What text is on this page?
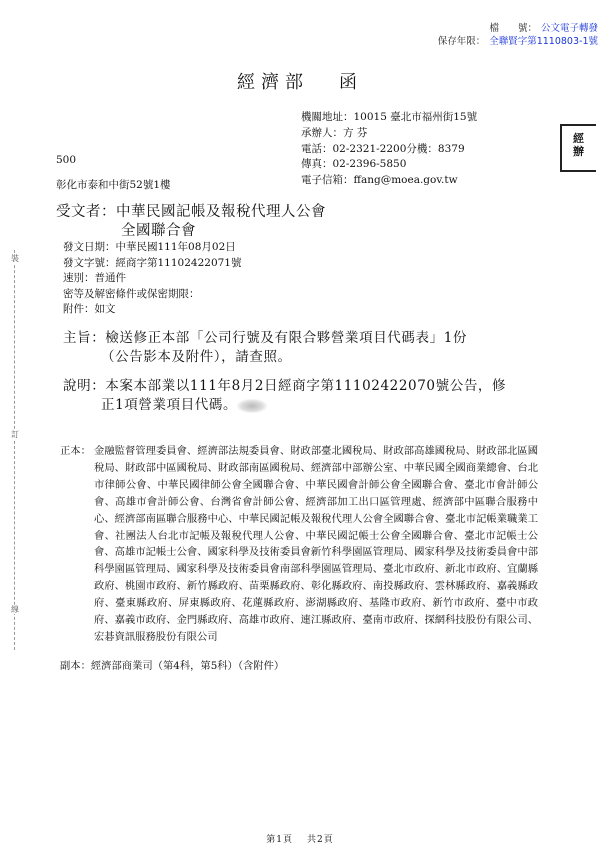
檔　　號： 公文電子轉發
保存年限： 全聯賢字第1110803-1號
經濟部 函
機關地址：10015 臺北市福州街15號
承辦人：方 芬
電話：02-2321-2200分機：8379
傳真：02-2396-5850
電子信箱：ffang@moea.gov.tw
經
辦
500
彰化市泰和中街52號1樓
受文者：中華民國記帳及報稅代理人公會
全國聯合會
發文日期：中華民國111年08月02日
發文字號：經商字第11102422071號
速別：普通件
密等及解密條件或保密期限：
附件：如文
主旨：檢送修正本部「公司行號及有限合夥營業項目代碼表」1份
（公告影本及附件），請查照。
說明：本案本部業以111年8月2日經商字第11102422070號公告，修
正1項營業項目代碼。
正本： 金融監督管理委員會、經濟部法規委員會、財政部臺北國稅局、財政部高雄國稅局、財政部北區國稅局、財政部中區國稅局、財政部南區國稅局、經濟部中部辦公室、中華民國全國商業總會、台北市律師公會、中華民國律師公會全國聯合會、中華民國會計師公會全國聯合會、臺北市會計師公會、高雄市會計師公會、台灣省會計師公會、經濟部加工出口區管理處、經濟部中區聯合服務中心、經濟部南區聯合服務中心、中華民國記帳及報稅代理人公會全國聯合會、臺北市記帳業職業工會、社團法人台北市記帳及報稅代理人公會、中華民國記帳士公會全國聯合會、臺北市記帳士公會、高雄市記帳士公會、國家科學及技術委員會新竹科學園區管理局、國家科學及技術委員會中部科學園區管理局、國家科學及技術委員會南部科學園區管理局、臺北市政府、新北市政府、宜蘭縣政府、桃園市政府、新竹縣政府、苗栗縣政府、彰化縣政府、南投縣政府、雲林縣政府、嘉義縣政府、臺東縣政府、屏東縣政府、花蓮縣政府、澎湖縣政府、基隆市政府、新竹市政府、臺中市政府、嘉義市政府、金門縣政府、高雄市政府、連江縣政府、臺南市政府、探網科技股份有限公司、宏碁資訊服務股份有限公司
副本：經濟部商業司（第4科，第5科）（含附件）
第1頁 共2頁
裝
訂
線
